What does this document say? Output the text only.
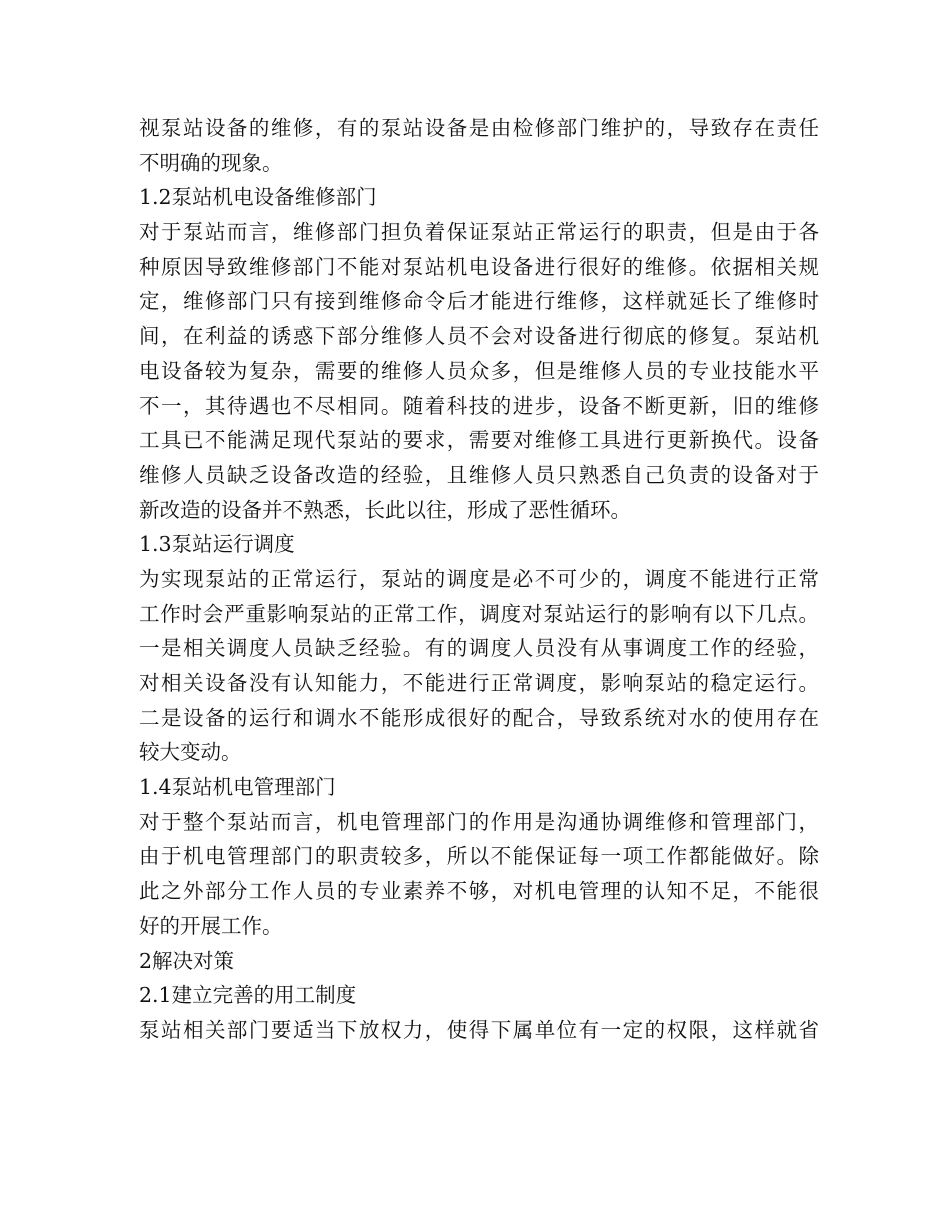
视泵站设备的维修，有的泵站设备是由检修部门维护的，导致存在责任
不明确的现象。
1.2泵站机电设备维修部门
对于泵站而言，维修部门担负着保证泵站正常运行的职责，但是由于各
种原因导致维修部门不能对泵站机电设备进行很好的维修。依据相关规
定，维修部门只有接到维修命令后才能进行维修，这样就延长了维修时
间，在利益的诱惑下部分维修人员不会对设备进行彻底的修复。泵站机
电设备较为复杂，需要的维修人员众多，但是维修人员的专业技能水平
不一，其待遇也不尽相同。随着科技的进步，设备不断更新，旧的维修
工具已不能满足现代泵站的要求，需要对维修工具进行更新换代。设备
维修人员缺乏设备改造的经验，且维修人员只熟悉自己负责的设备对于
新改造的设备并不熟悉，长此以往，形成了恶性循环。
1.3泵站运行调度
为实现泵站的正常运行，泵站的调度是必不可少的，调度不能进行正常
工作时会严重影响泵站的正常工作，调度对泵站运行的影响有以下几点。
一是相关调度人员缺乏经验。有的调度人员没有从事调度工作的经验，
对相关设备没有认知能力，不能进行正常调度，影响泵站的稳定运行。
二是设备的运行和调水不能形成很好的配合，导致系统对水的使用存在
较大变动。
1.4泵站机电管理部门
对于整个泵站而言，机电管理部门的作用是沟通协调维修和管理部门，
由于机电管理部门的职责较多，所以不能保证每一项工作都能做好。除
此之外部分工作人员的专业素养不够，对机电管理的认知不足，不能很
好的开展工作。
2解决对策
2.1建立完善的用工制度
泵站相关部门要适当下放权力，使得下属单位有一定的权限，这样就省
